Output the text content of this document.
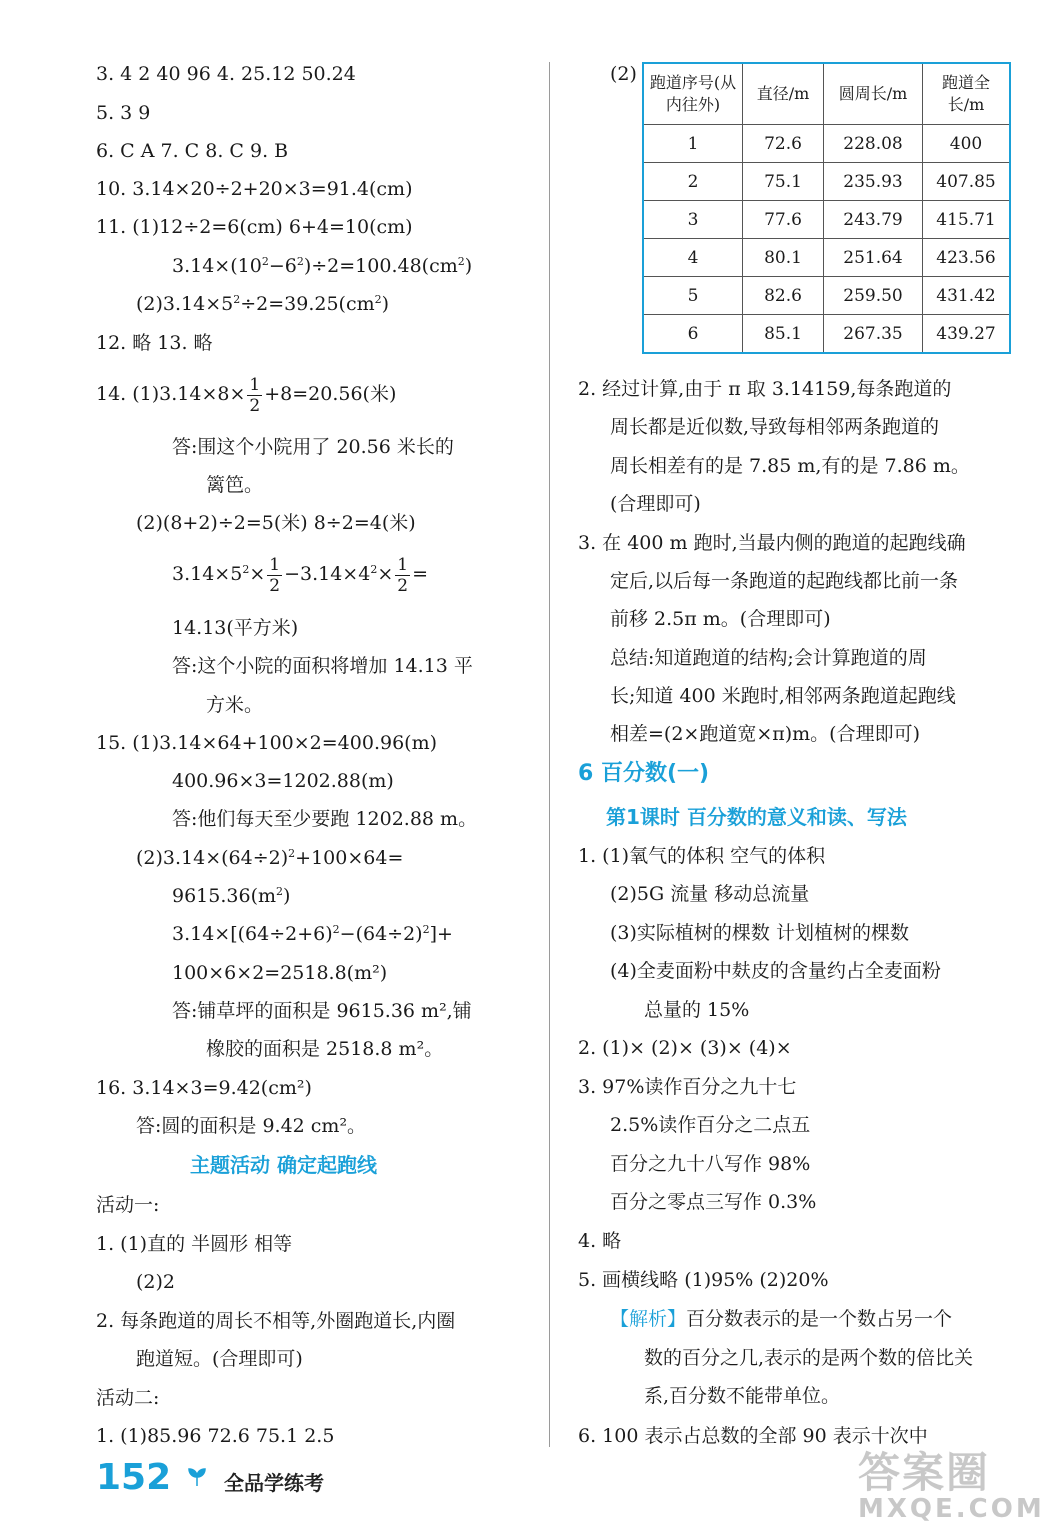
3. 4 2 40 96 4. 25.12 50.24
5. 3 9
6. C A 7. C 8. C 9. B
10. 3.14×20÷2+20×3=91.4(cm)
11. (1)12÷2=6(cm) 6+4=10(cm)
$3.14\times(10^2-6^2)\div 2=100.48(cm^2)$
$(2)3.14\times 5^2\div 2=39.25(cm^2)$
12. 略 13. 略
14. $(1)3.14\times 8\times \frac{1}{2} +8=20.56$(米)
答:围这个小院用了 20.56 米长的
篱笆。
(2)(8+2)÷2=5(米) 8÷2=4(米)
$3.14\times 5^2\times \frac{1}{2} -3.14\times 4^2\times \frac{1}{2}$ =
14.13(平方米)
答:这个小院的面积将增加 14.13 平
方米。
15. (1)3.14×64+100×2=400.96(m)
400.96×3=1202.88(m)
答:他们每天至少要跑 1202.88 m。
$(2)3.14\times(64\div 2)^2+100\times 64=$
$9615.36(m^2)$
$3.14\times[(64\div 2+6)^2-(64\div 2)^2]+$
100×6×2=2518.8(m²)
答:铺草坪的面积是 9615.36 m²,铺
橡胶的面积是 2518.8 m²。
16. 3.14×3=9.42(cm²)
答:圆的面积是 9.42 cm²。
主题活动 确定起跑线
活动一:
1. (1)直的 半圆形 相等
(2)2
2. 每条跑道的周长不相等,外圈跑道长,内圈
跑道短。(合理即可)
活动二:
1. (1)85.96 72.6 75.1 2.5
(2) 跑道序号(从内往外)	直径/m	圆周长/m	跑道全长/m
1	72.6	228.08	400
2	75.1	235.93	407.85
3	77.6	243.79	415.71
4	80.1	251.64	423.56
5	82.6	259.50	431.42
6	85.1	267.35	439.27
2. 经过计算,由于 π 取 3.14159,每条跑道的
周长都是近似数,导致每相邻两条跑道的
周长相差有的是 7.85 m,有的是 7.86 m。
(合理即可)
3. 在 400 m 跑时,当最内侧的跑道的起跑线确
定后,以后每一条跑道的起跑线都比前一条
前移 2.5π m。(合理即可)
总结:知道跑道的结构;会计算跑道的周
长;知道 400 米跑时,相邻两条跑道起跑线
相差=(2×跑道宽×π)m。(合理即可)
6 百分数(一)
第1课时 百分数的意义和读、写法
1. (1)氧气的体积 空气的体积
(2)5G 流量 移动总流量
(3)实际植树的棵数 计划植树的棵数
(4)全麦面粉中麸皮的含量约占全麦面粉
总量的 15%
2. (1)× (2)× (3)× (4)×
3. 97%读作百分之九十七
2.5%读作百分之二点五
百分之九十八写作 98%
百分之零点三写作 0.3%
4. 略
5. 画横线略 (1)95% (2)20%
【解析】百分数表示的是一个数占另一个
数的百分之几,表示的是两个数的倍比关
系,百分数不能带单位。
6. 100 表示占总数的全部 90 表示十次中
152	全品学练考	答案圈
MXQE.COM
